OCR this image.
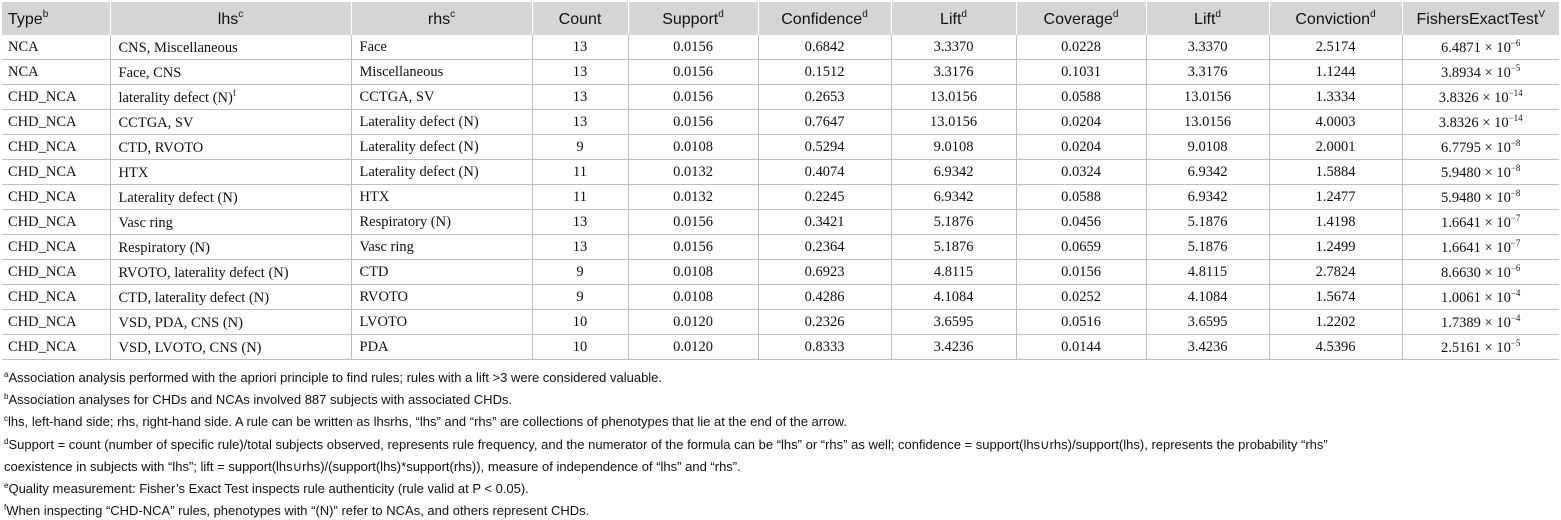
Type$^b$	lhs$^c$	rhs$^c$	Count	Support$^d$	Confidence$^d$	Lift$^d$	Coverage$^d$	Lift$^d$	Conviction$^d$	FishersExactTest$^V$
NCA	CNS, Miscellaneous	Face	13	0.0156	0.6842	3.3370	0.0228	3.3370	2.5174	$6.4871 \times 10^{-6}$
NCA	Face, CNS	Miscellaneous	13	0.0156	0.1512	3.3176	0.1031	3.3176	1.1244	$3.8934 \times 10^{-5}$
CHD_NCA	laterality defect $(N)^f$	CCTGA, SV	13	0.0156	0.2653	13.0156	0.0588	13.0156	1.3334	$3.8326 \times 10^{-14}$
CHD_NCA	CCTGA, SV	Laterality defect (N)	13	0.0156	0.7647	13.0156	0.0204	13.0156	4.0003	$3.8326 \times 10^{-14}$
CHD_NCA	CTD, RVOTO	Laterality defect (N)	9	0.0108	0.5294	9.0108	0.0204	9.0108	2.0001	$6.7795 \times 10^{-8}$
CHD_NCA	HTX	Laterality defect (N)	11	0.0132	0.4074	6.9342	0.0324	6.9342	1.5884	$5.9480 \times 10^{-8}$
CHD_NCA	Laterality defect (N)	HTX	11	0.0132	0.2245	6.9342	0.0588	6.9342	1.2477	$5.9480 \times 10^{-8}$
CHD_NCA	Vasc ring	Respiratory (N)	13	0.0156	0.3421	5.1876	0.0456	5.1876	1.4198	$1.6641 \times 10^{-7}$
CHD_NCA	Respiratory (N)	Vasc ring	13	0.0156	0.2364	5.1876	0.0659	5.1876	1.2499	$1.6641 \times 10^{-7}$
CHD_NCA	RVOTO, laterality defect (N)	CTD	9	0.0108	0.6923	4.8115	0.0156	4.8115	2.7824	$8.6630 \times 10^{-6}$
CHD_NCA	CTD, laterality defect (N)	RVOTO	9	0.0108	0.4286	4.1084	0.0252	4.1084	1.5674	$1.0061 \times 10^{-4}$
CHD_NCA	VSD, PDA, CNS (N)	LVOTO	10	0.0120	0.2326	3.6595	0.0516	3.6595	1.2202	$1.7389 \times 10^{-4}$
CHD_NCA	VSD, LVOTO, CNS (N)	PDA	10	0.0120	0.8333	3.4236	0.0144	3.4236	4.5396	$2.5161 \times 10^{-5}$
$^a$Association analysis performed with the apriori principle to find rules; rules with a lift >3 were considered valuable.
$^b$Association analyses for CHDs and NCAs involved 887 subjects with associated CHDs.
$^c$lhs, left-hand side; rhs, right-hand side. A rule can be written as lhsrhs, “lhs” and “rhs” are collections of phenotypes that lie at the end of the arrow.
$^d$Support = count (number of specific rule)/total subjects observed, represents rule frequency, and the numerator of the formula can be “lhs” or “rhs” as well; confidence = support(lhs∪rhs)/support(lhs), represents the probability “rhs”
coexistence in subjects with “lhs”; lift = support(lhs∪rhs)/(support(lhs)*support(rhs)), measure of independence of “lhs” and “rhs”.
$^e$Quality measurement: Fisher’s Exact Test inspects rule authenticity (rule valid at P < 0.05).
$^f$When inspecting “CHD-NCA” rules, phenotypes with “(N)” refer to NCAs, and others represent CHDs.
